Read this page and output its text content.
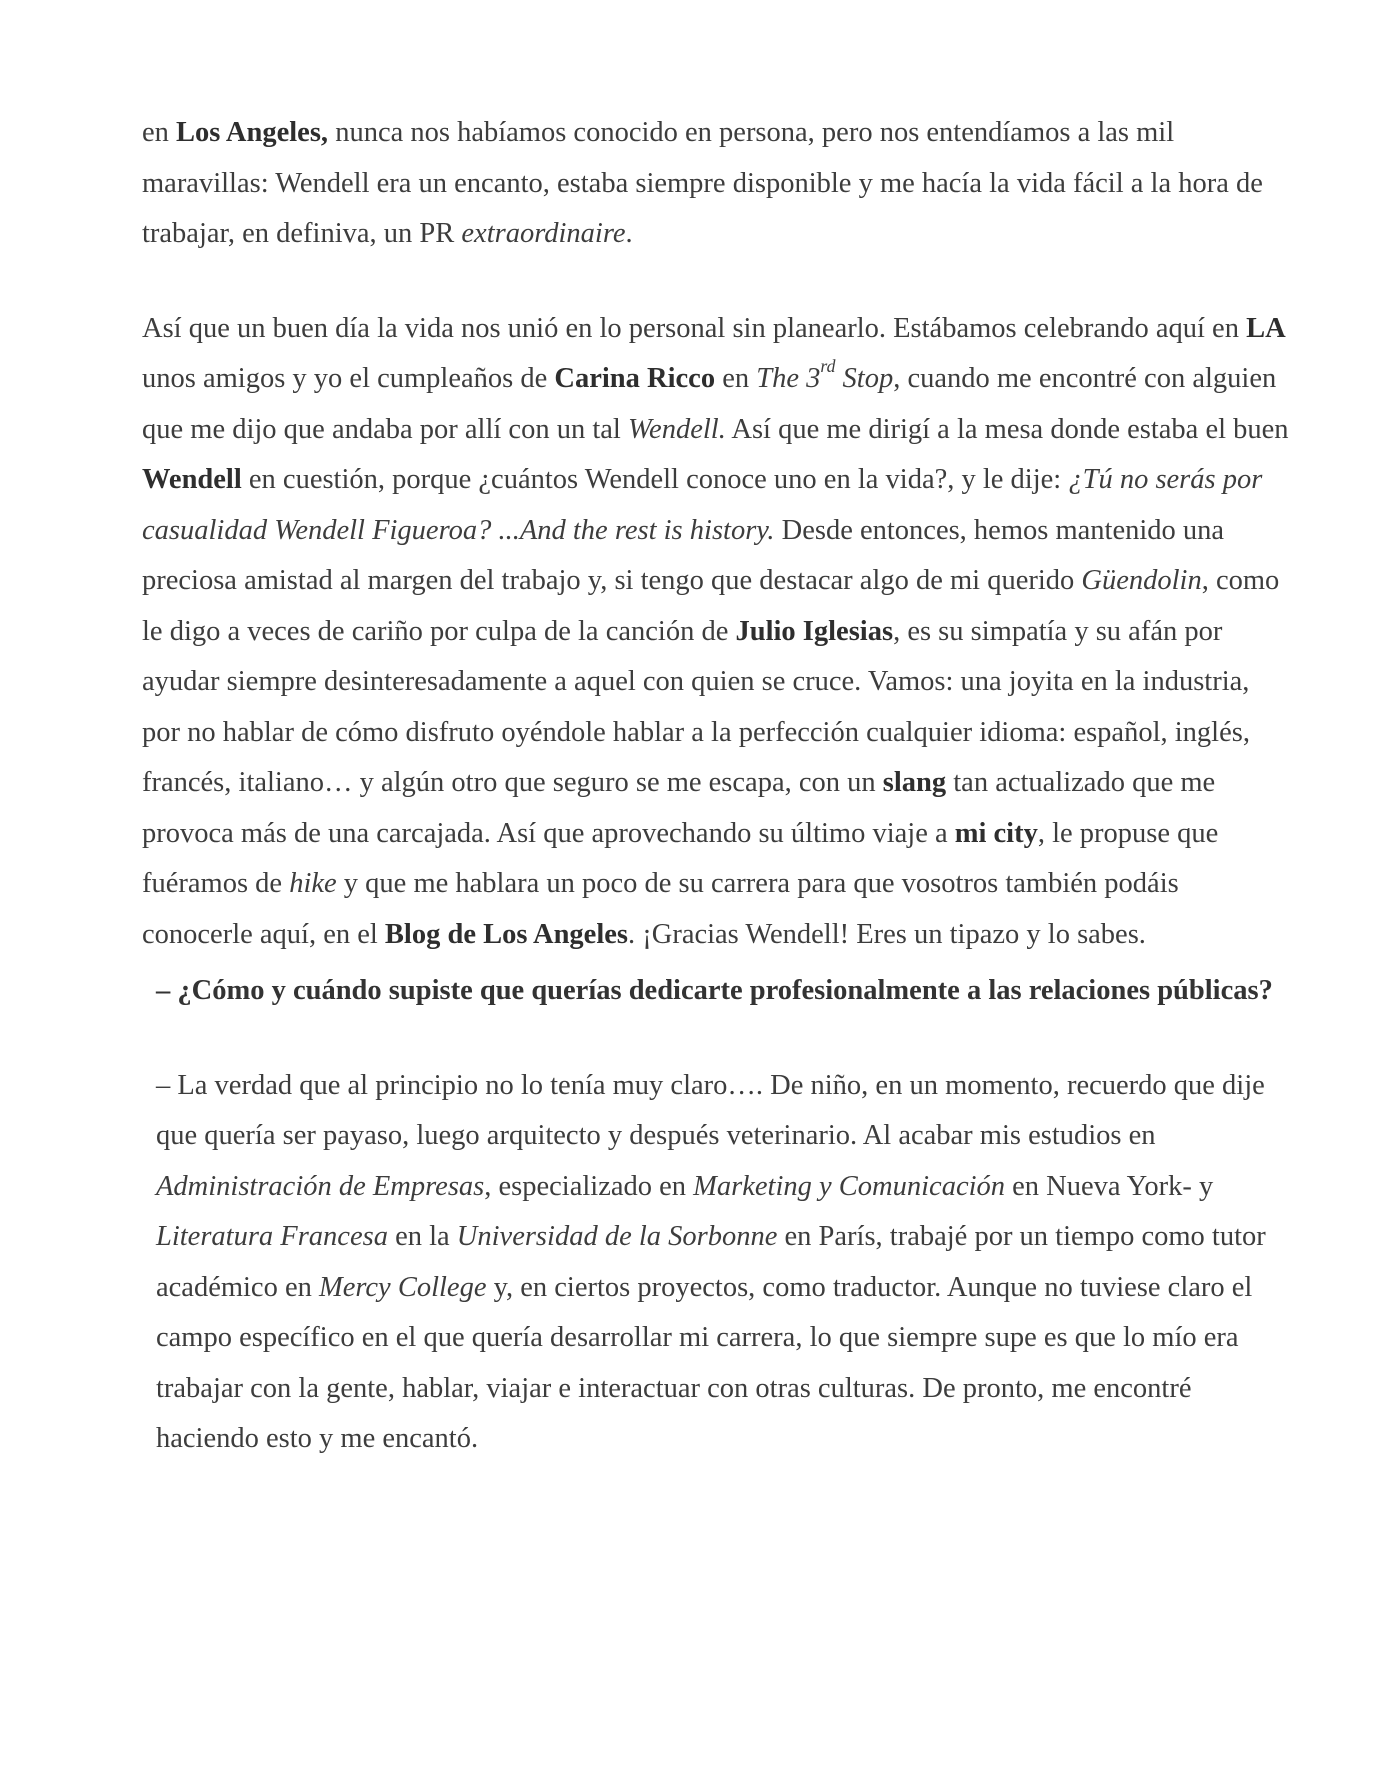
en Los Angeles, nunca nos habíamos conocido en persona, pero nos entendíamos a las mil maravillas: Wendell era un encanto, estaba siempre disponible y me hacía la vida fácil a la hora de trabajar, en definiva, un PR extraordinaire.

Así que un buen día la vida nos unió en lo personal sin planearlo. Estábamos celebrando aquí en LA unos amigos y yo el cumpleaños de Carina Ricco en The 3rd Stop, cuando me encontré con alguien que me dijo que andaba por allí con un tal Wendell. Así que me dirigí a la mesa donde estaba el buen Wendell en cuestión, porque ¿cuántos Wendell conoce uno en la vida?, y le dije: ¿Tú no serás por casualidad Wendell Figueroa? ...And the rest is history. Desde entonces, hemos mantenido una preciosa amistad al margen del trabajo y, si tengo que destacar algo de mi querido Güendolin, como le digo a veces de cariño por culpa de la canción de Julio Iglesias, es su simpatía y su afán por ayudar siempre desinteresadamente a aquel con quien se cruce. Vamos: una joyita en la industria, por no hablar de cómo disfruto oyéndole hablar a la perfección cualquier idioma: español, inglés, francés, italiano… y algún otro que seguro se me escapa, con un slang tan actualizado que me provoca más de una carcajada. Así que aprovechando su último viaje a mi city, le propuse que fuéramos de hike y que me hablara un poco de su carrera para que vosotros también podáis conocerle aquí, en el Blog de Los Angeles. ¡Gracias Wendell! Eres un tipazo y lo sabes.

– ¿Cómo y cuándo supiste que querías dedicarte profesionalmente a las relaciones públicas?

– La verdad que al principio no lo tenía muy claro…. De niño, en un momento, recuerdo que dije que quería ser payaso, luego arquitecto y después veterinario. Al acabar mis estudios en Administración de Empresas, especializado en Marketing y Comunicación en Nueva York- y Literatura Francesa en la Universidad de la Sorbonne en París, trabajé por un tiempo como tutor académico en Mercy College y, en ciertos proyectos, como traductor. Aunque no tuviese claro el campo específico en el que quería desarrollar mi carrera, lo que siempre supe es que lo mío era trabajar con la gente, hablar, viajar e interactuar con otras culturas. De pronto, me encontré haciendo esto y me encantó.
